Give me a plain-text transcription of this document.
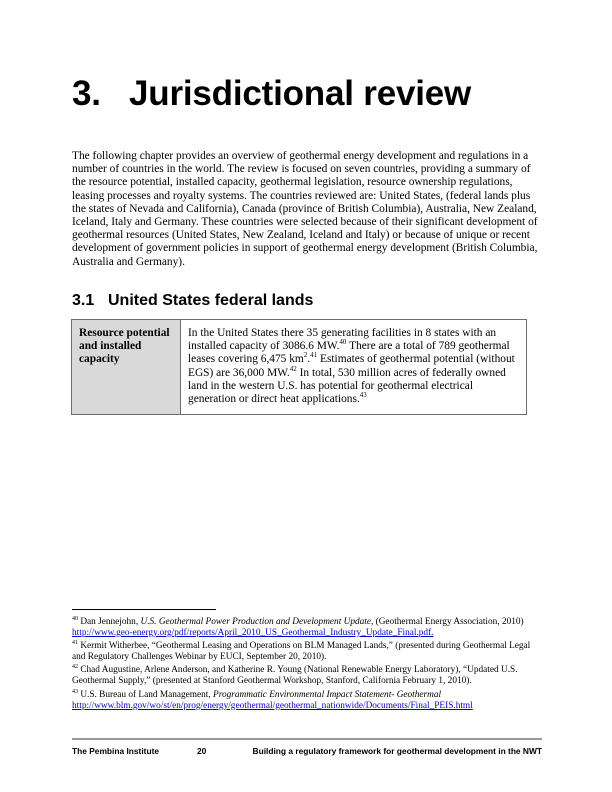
3. Jurisdictional review

The following chapter provides an overview of geothermal energy development and regulations in a number of countries in the world. The review is focused on seven countries, providing a summary of the resource potential, installed capacity, geothermal legislation, resource ownership regulations, leasing processes and royalty systems. The countries reviewed are: United States, (federal lands plus the states of Nevada and California), Canada (province of British Columbia), Australia, New Zealand, Iceland, Italy and Germany. These countries were selected because of their significant development of geothermal resources (United States, New Zealand, Iceland and Italy) or because of unique or recent development of government policies in support of geothermal energy development (British Columbia, Australia and Germany).

3.1 United States federal lands
Resource potential and installed capacity	In the United States there 35 generating facilities in 8 states with an installed capacity of 3086.6 MW.$^{40}$ There are a total of 789 geothermal leases covering 6,475 $km^2.^{41}$ Estimates of geothermal potential (without EGS) are 36,000 MW.$^{42}$ In total, 530 million acres of federally owned land in the western U.S. has potential for geothermal electrical generation or direct heat applications.$^{43}$

$^{40}$ Dan Jennejohn, U.S. Geothermal Power Production and Development Update, (Geothermal Energy Association, 2010) http://www.geo-energy.org/pdf/reports/April_2010_US_Geothermal_Industry_Update_Final.pdf.

$^{41}$ Kermit Witherbee, “Geothermal Leasing and Operations on BLM Managed Lands,” (presented during Geothermal Legal and Regulatory Challenges Webinar by EUCI, September 20, 2010).

$^{42}$ Chad Augustine, Arlene Anderson, and Katherine R. Young (National Renewable Energy Laboratory), “Updated U.S. Geothermal Supply,” (presented at Stanford Geothermal Workshop, Stanford, California February 1, 2010).

$^{43}$ U.S. Bureau of Land Management, Programmatic Environmental Impact Statement- Geothermal http://www.blm.gov/wo/st/en/prog/energy/geothermal/geothermal_nationwide/Documents/Final_PEIS.html

The Pembina Institute	20	Building a regulatory framework for geothermal development in the NWT
